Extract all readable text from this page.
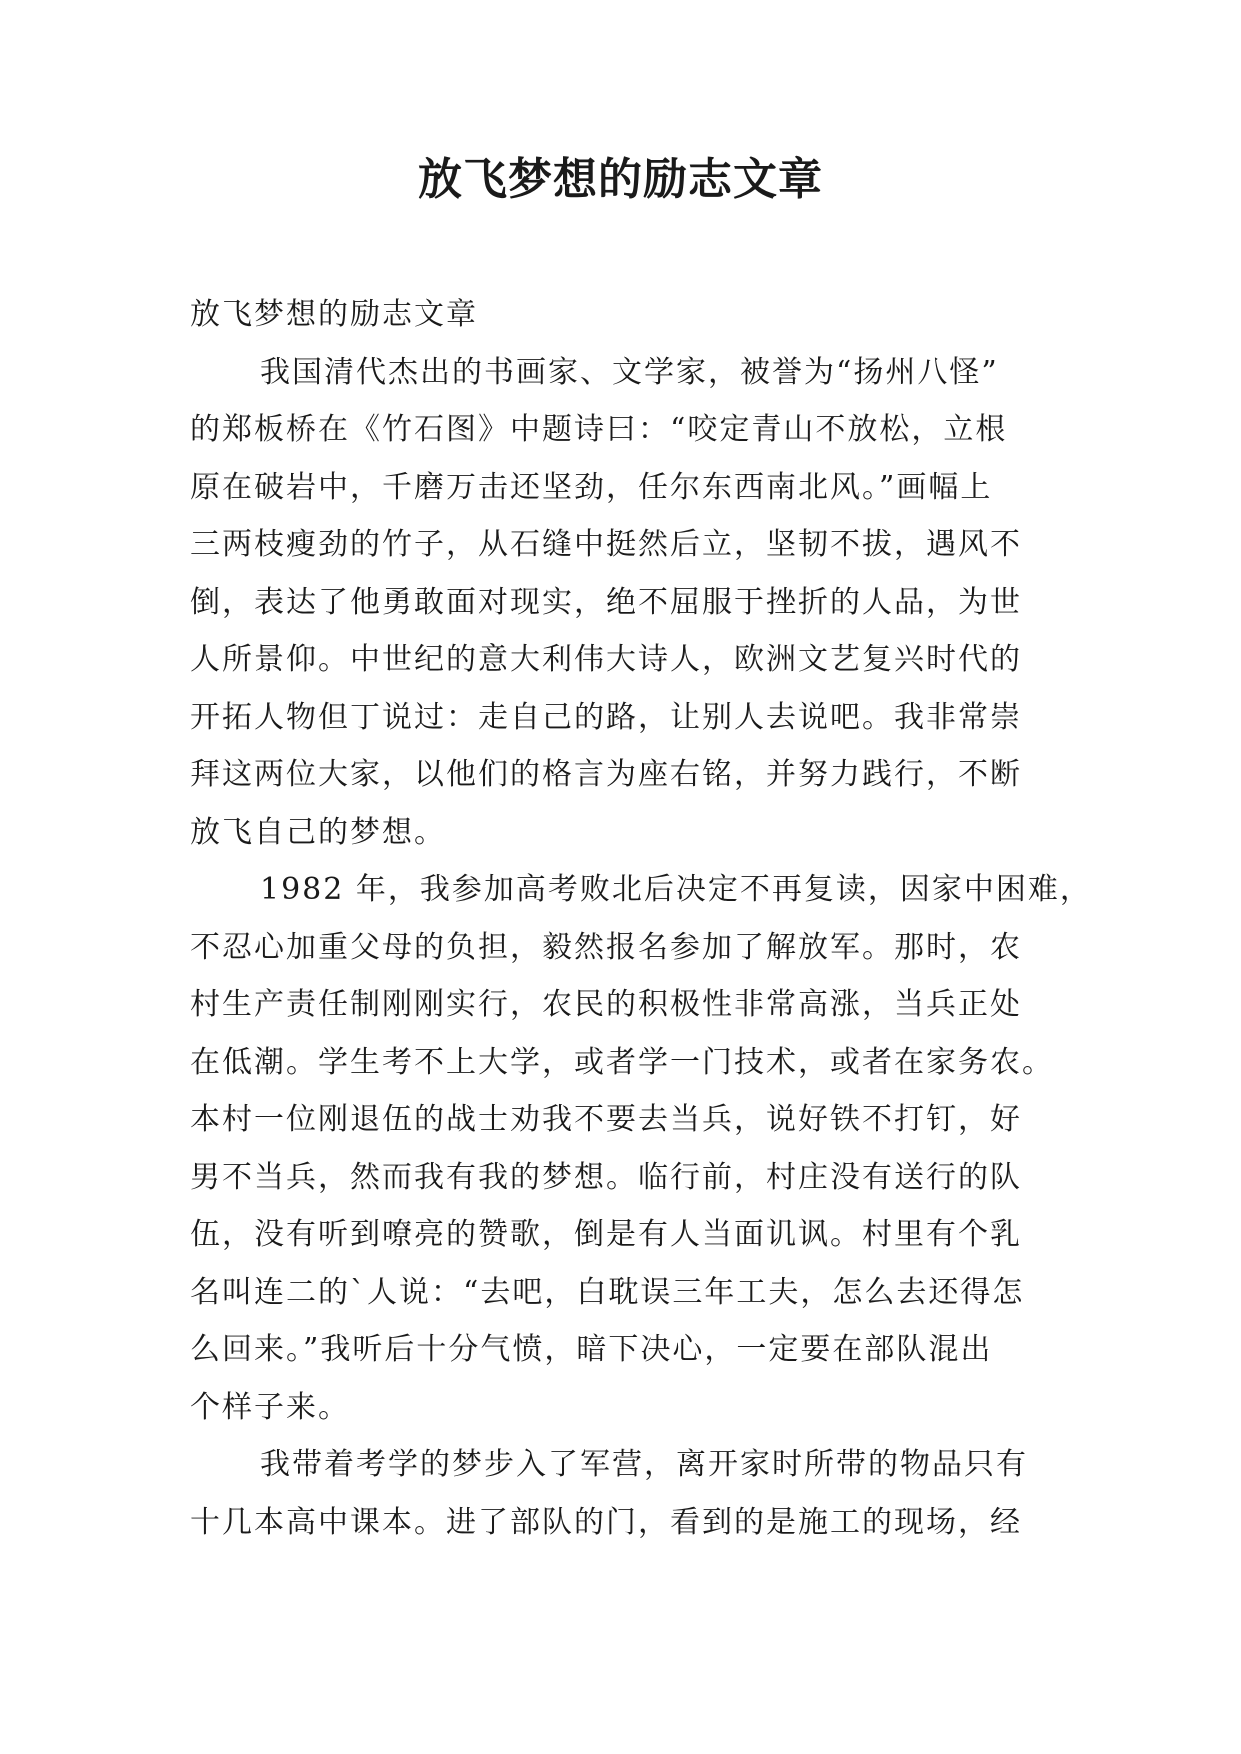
放飞梦想的励志文章
放飞梦想的励志文章

我国清代杰出的书画家、文学家，被誉为“扬州八怪”
的郑板桥在《竹石图》中题诗曰：“咬定青山不放松，立根
原在破岩中，千磨万击还坚劲，任尔东西南北风。”画幅上
三两枝瘦劲的竹子，从石缝中挺然后立，坚韧不拔，遇风不
倒，表达了他勇敢面对现实，绝不屈服于挫折的人品，为世
人所景仰。中世纪的意大利伟大诗人，欧洲文艺复兴时代的
开拓人物但丁说过：走自己的路，让别人去说吧。我非常崇
拜这两位大家，以他们的格言为座右铭，并努力践行，不断
放飞自己的梦想。

1982 年，我参加高考败北后决定不再复读，因家中困难，
不忍心加重父母的负担，毅然报名参加了解放军。那时，农
村生产责任制刚刚实行，农民的积极性非常高涨，当兵正处
在低潮。学生考不上大学，或者学一门技术，或者在家务农。
本村一位刚退伍的战士劝我不要去当兵，说好铁不打钉，好
男不当兵，然而我有我的梦想。临行前，村庄没有送行的队
伍，没有听到嘹亮的赞歌，倒是有人当面讥讽。村里有个乳
名叫连二的`人说：“去吧，白耽误三年工夫，怎么去还得怎
么回来。”我听后十分气愤，暗下决心，一定要在部队混出
个样子来。

我带着考学的梦步入了军营，离开家时所带的物品只有
十几本高中课本。进了部队的门，看到的是施工的现场，经
